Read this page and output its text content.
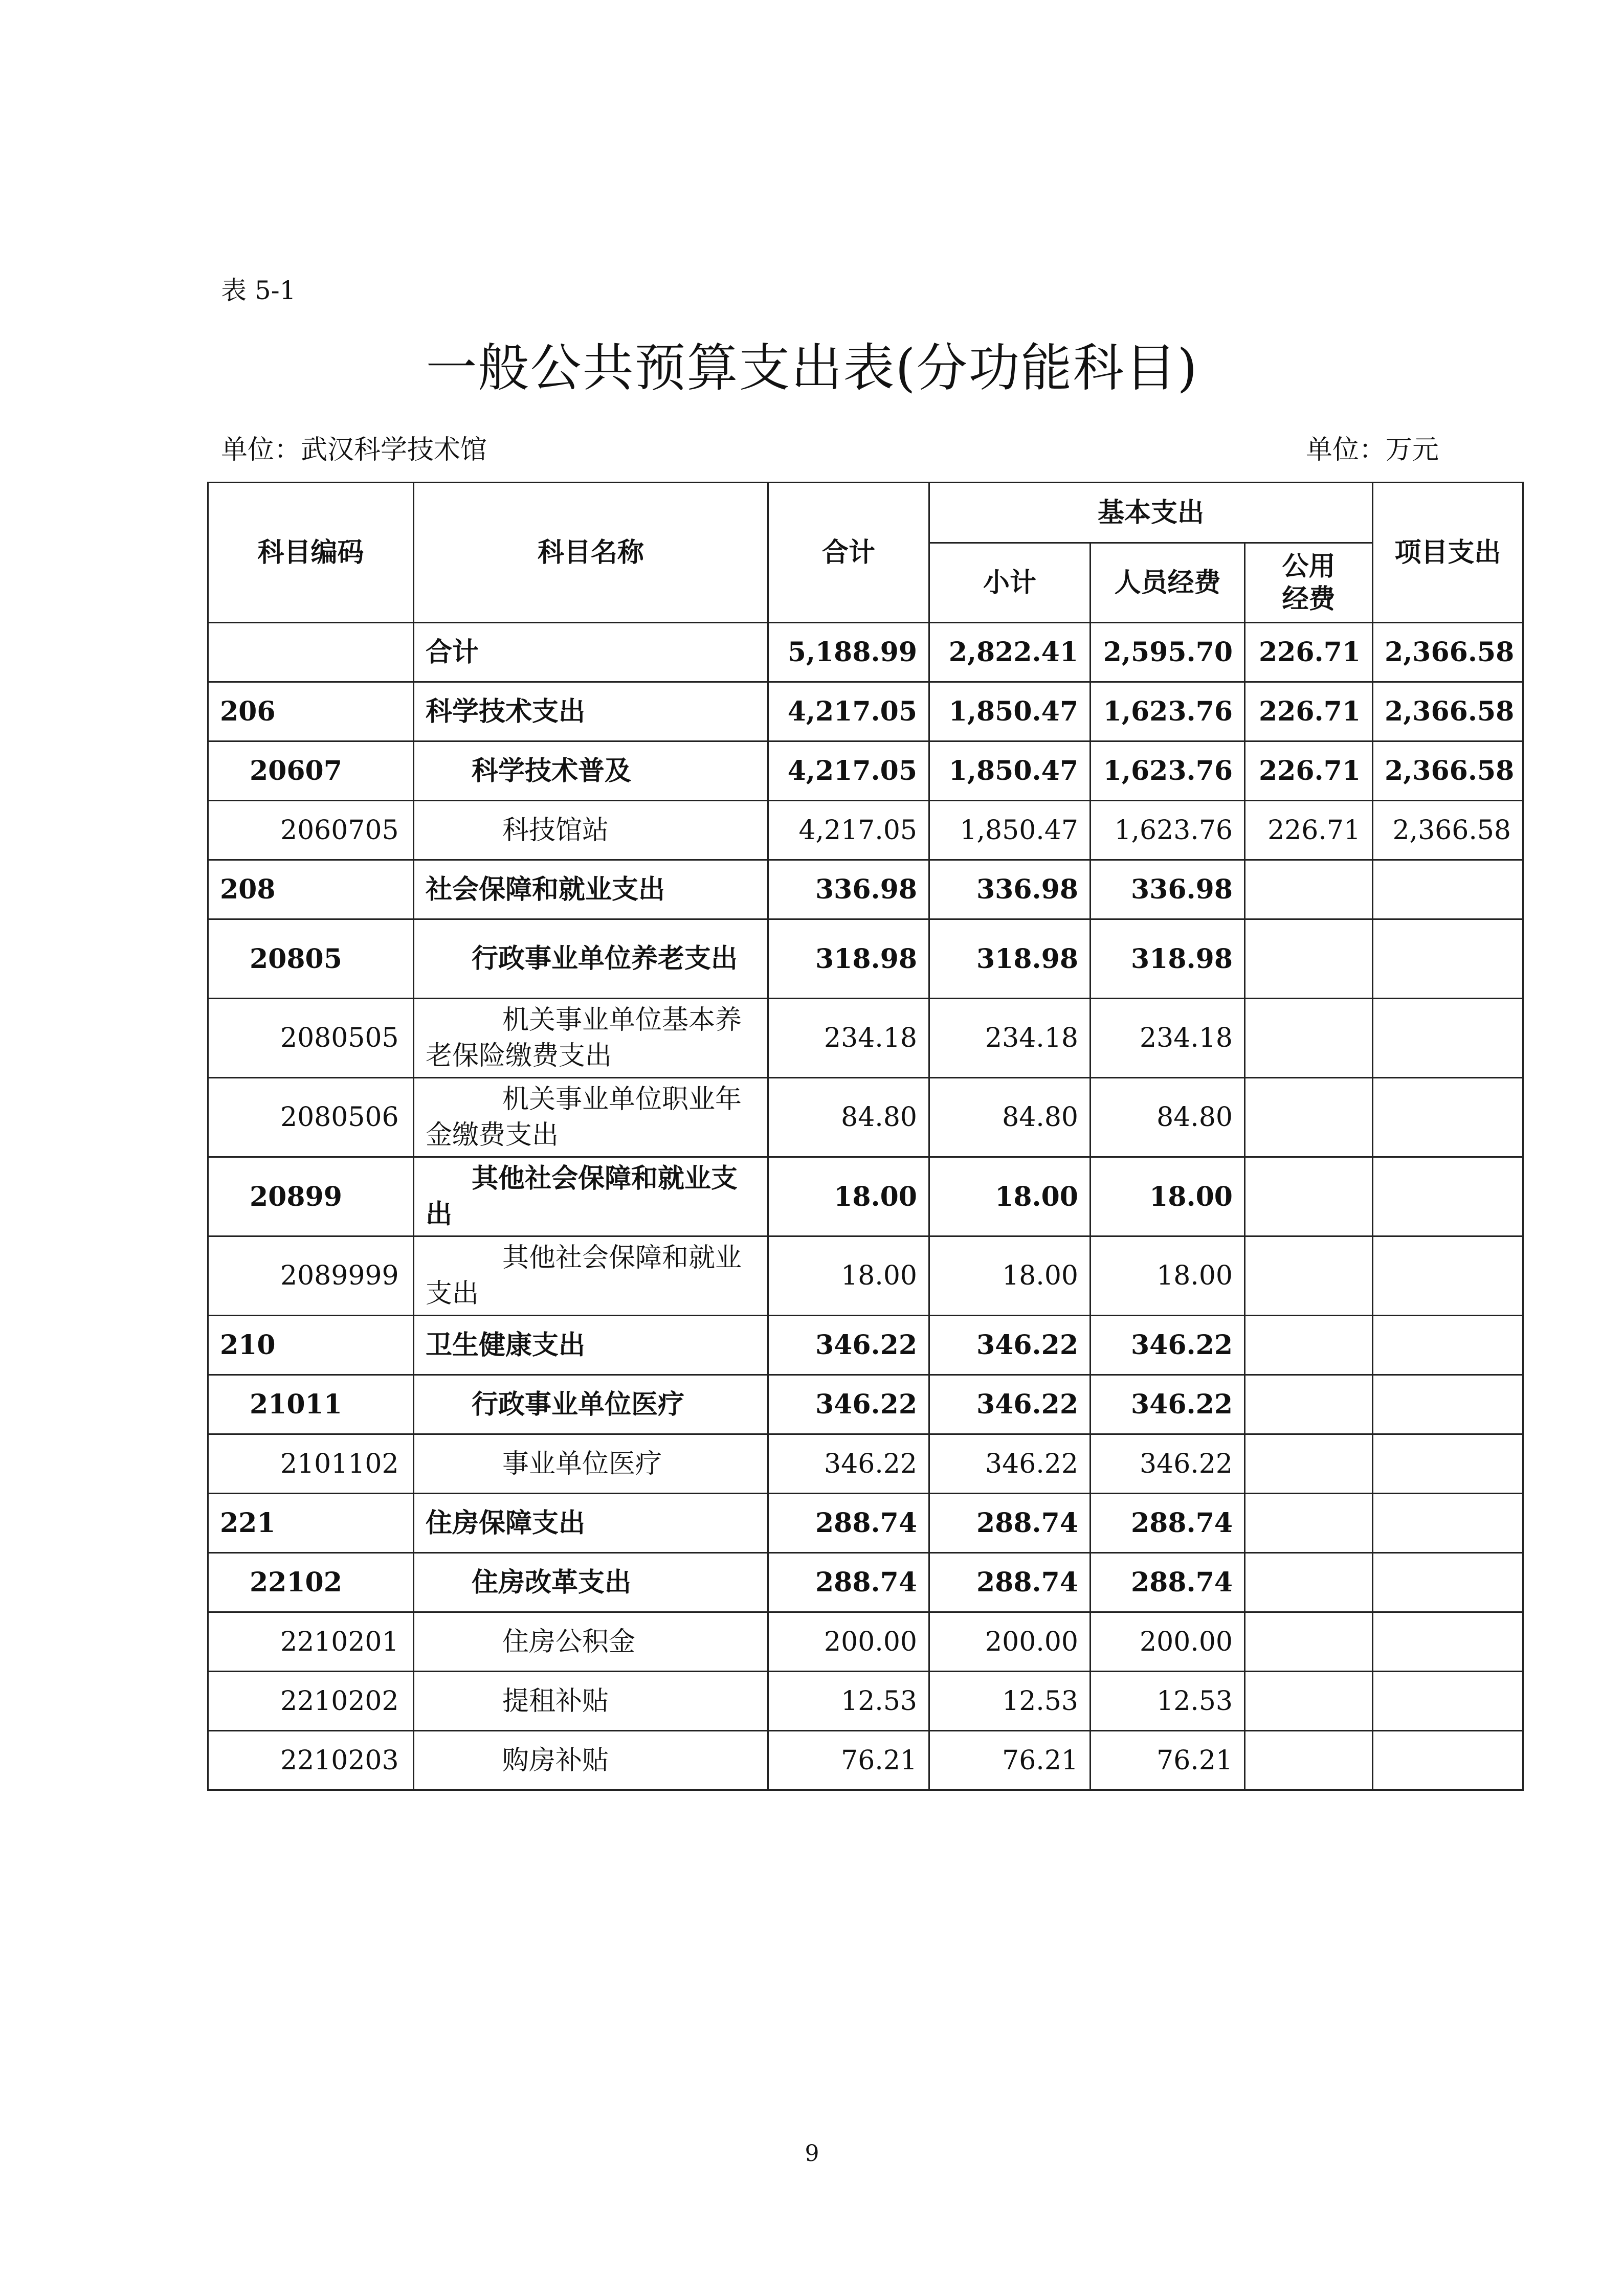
表 5-1
一般公共预算支出表(分功能科目)
单位：武汉科学技术馆	单位：万元
科目编码	科目名称	合计	基本支出			项目支出
			小计	人员经费	公用
经费	
	合计	5,188.99	2,822.41	2,595.70	226.71	2,366.58
206	科学技术支出	4,217.05	1,850.47	1,623.76	226.71	2,366.58
20607	科学技术普及	4,217.05	1,850.47	1,623.76	226.71	2,366.58
2060705	科技馆站	4,217.05	1,850.47	1,623.76	226.71	2,366.58
208	社会保障和就业支出	336.98	336.98	336.98		
20805	行政事业单位养老支出	318.98	318.98	318.98		
2080505	机关事业单位基本养老保险缴费支出	234.18	234.18	234.18		
2080506	机关事业单位职业年金缴费支出	84.80	84.80	84.80		
20899	其他社会保障和就业支出	18.00	18.00	18.00		
2089999	其他社会保障和就业支出	18.00	18.00	18.00		
210	卫生健康支出	346.22	346.22	346.22		
21011	行政事业单位医疗	346.22	346.22	346.22		
2101102	事业单位医疗	346.22	346.22	346.22		
221	住房保障支出	288.74	288.74	288.74		
22102	住房改革支出	288.74	288.74	288.74		
2210201	住房公积金	200.00	200.00	200.00		
2210202	提租补贴	12.53	12.53	12.53		
2210203	购房补贴	76.21	76.21	76.21		
9
